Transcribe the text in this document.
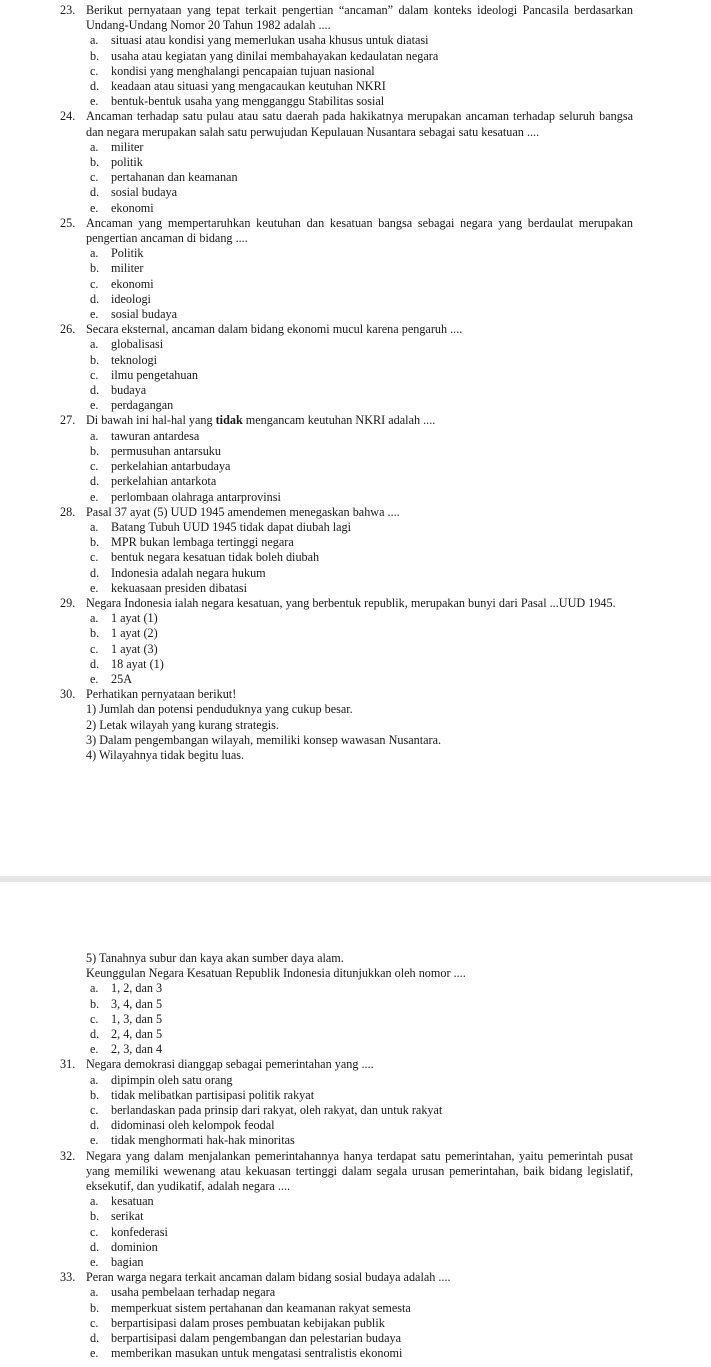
23. Berikut pernyataan yang tepat terkait pengertian “ancaman” dalam konteks ideologi Pancasila berdasarkan Undang-Undang Nomor 20 Tahun 1982 adalah ....
a. situasi atau kondisi yang memerlukan usaha khusus untuk diatasi
b. usaha atau kegiatan yang dinilai membahayakan kedaulatan negara
c. kondisi yang menghalangi pencapaian tujuan nasional
d. keadaan atau situasi yang mengacaukan keutuhan NKRI
e. bentuk-bentuk usaha yang mengganggu Stabilitas sosial
24. Ancaman terhadap satu pulau atau satu daerah pada hakikatnya merupakan ancaman terhadap seluruh bangsa dan negara merupakan salah satu perwujudan Kepulauan Nusantara sebagai satu kesatuan ....
a. militer
b. politik
c. pertahanan dan keamanan
d. sosial budaya
e. ekonomi
25. Ancaman yang mempertaruhkan keutuhan dan kesatuan bangsa sebagai negara yang berdaulat merupakan pengertian ancaman di bidang ....
a. Politik
b. militer
c. ekonomi
d. ideologi
e. sosial budaya
26. Secara eksternal, ancaman dalam bidang ekonomi mucul karena pengaruh ....
a. globalisasi
b. teknologi
c. ilmu pengetahuan
d. budaya
e. perdagangan
27. Di bawah ini hal-hal yang tidak mengancam keutuhan NKRI adalah ....
a. tawuran antardesa
b. permusuhan antarsuku
c. perkelahian antarbudaya
d. perkelahian antarkota
e. perlombaan olahraga antarprovinsi
28. Pasal 37 ayat (5) UUD 1945 amendemen menegaskan bahwa ....
a. Batang Tubuh UUD 1945 tidak dapat diubah lagi
b. MPR bukan lembaga tertinggi negara
c. bentuk negara kesatuan tidak boleh diubah
d. Indonesia adalah negara hukum
e. kekuasaan presiden dibatasi
29. Negara Indonesia ialah negara kesatuan, yang berbentuk republik, merupakan bunyi dari Pasal ...UUD 1945.
a. 1 ayat (1)
b. 1 ayat (2)
c. 1 ayat (3)
d. 18 ayat (1)
e. 25A
30. Perhatikan pernyataan berikut!
1) Jumlah dan potensi penduduknya yang cukup besar.
2) Letak wilayah yang kurang strategis.
3) Dalam pengembangan wilayah, memiliki konsep wawasan Nusantara.
4) Wilayahnya tidak begitu luas.
5) Tanahnya subur dan kaya akan sumber daya alam.
Keunggulan Negara Kesatuan Republik Indonesia ditunjukkan oleh nomor ....
a. 1, 2, dan 3
b. 3, 4, dan 5
c. 1, 3, dan 5
d. 2, 4, dan 5
e. 2, 3, dan 4
31. Negara demokrasi dianggap sebagai pemerintahan yang ....
a. dipimpin oleh satu orang
b. tidak melibatkan partisipasi politik rakyat
c. berlandaskan pada prinsip dari rakyat, oleh rakyat, dan untuk rakyat
d. didominasi oleh kelompok feodal
e. tidak menghormati hak-hak minoritas
32. Negara yang dalam menjalankan pemerintahannya hanya terdapat satu pemerintahan, yaitu pemerintah pusat yang memiliki wewenang atau kekuasan tertinggi dalam segala urusan pemerintahan, baik bidang legislatif, eksekutif, dan yudikatif, adalah negara ....
a. kesatuan
b. serikat
c. konfederasi
d. dominion
e. bagian
33. Peran warga negara terkait ancaman dalam bidang sosial budaya adalah ....
a. usaha pembelaan terhadap negara
b. memperkuat sistem pertahanan dan keamanan rakyat semesta
c. berpartisipasi dalam proses pembuatan kebijakan publik
d. berpartisipasi dalam pengembangan dan pelestarian budaya
e. memberikan masukan untuk mengatasi sentralistis ekonomi
